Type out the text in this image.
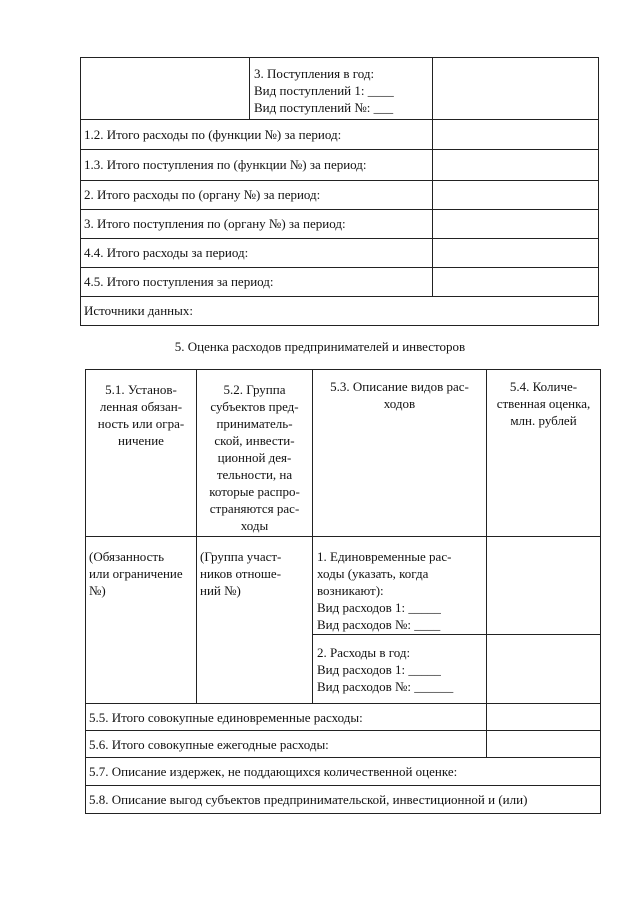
3. Поступления в год:
Вид поступлений 1: ____
Вид поступлений №: ___
1.2. Итого расходы по (функции №) за период:
1.3. Итого поступления по (функции №) за период:
2. Итого расходы по (органу №) за период:
3. Итого поступления по (органу №) за период:
4.4. Итого расходы за период:
4.5. Итого поступления за период:
Источники данных:
5. Оценка расходов предпринимателей и инвесторов
5.1. Установ-
ленная обязан-
ность или огра-
ничение
5.2. Группа
субъектов пред-
приниматель-
ской, инвести-
ционной дея-
тельности, на
которые распро-
страняются рас-
ходы
5.3. Описание видов рас-
ходов
5.4. Количе-
ственная оценка,
млн. рублей
(Обязанность
или ограничение
№)
(Группа участ-
ников отноше-
ний №)
1. Единовременные рас-
ходы (указать, когда
возникают):
Вид расходов 1: _____
Вид расходов №: ____
2. Расходы в год:
Вид расходов 1: _____
Вид расходов №: ______
5.5. Итого совокупные единовременные расходы:
5.6. Итого совокупные ежегодные расходы:
5.7. Описание издержек, не поддающихся количественной оценке:
5.8. Описание выгод субъектов предпринимательской, инвестиционной и (или)
